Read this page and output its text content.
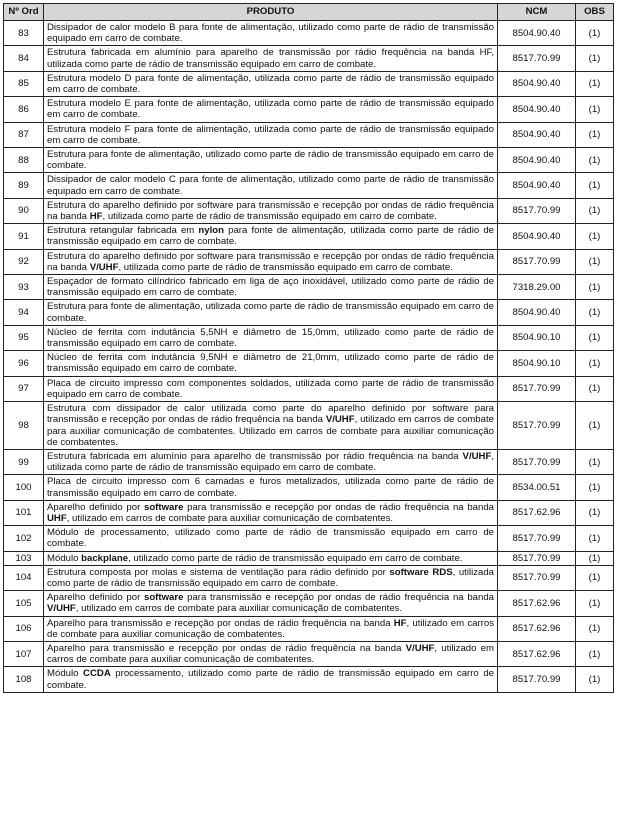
Nº Ord	PRODUTO	NCM	OBS
83	Dissipador de calor modelo B para fonte de alimentação, utilizado como parte de rádio de transmissão equipado em carro de combate.	8504.90.40	(1)
84	Estrutura fabricada em alumínio para aparelho de transmissão por rádio frequência na banda HF, utilizada como parte de rádio de transmissão equipado em carro de combate.	8517.70.99	(1)
85	Estrutura modelo D para fonte de alimentação, utilizada como parte de rádio de transmissão equipado em carro de combate.	8504.90.40	(1)
86	Estrutura modelo E para fonte de alimentação, utilizada como parte de rádio de transmissão equipado em carro de combate.	8504.90.40	(1)
87	Estrutura modelo F para fonte de alimentação, utilizada como parte de rádio de transmissão equipado em carro de combate.	8504.90.40	(1)
88	Estrutura para fonte de alimentação, utilizado como parte de rádio de transmissão equipado em carro de combate.	8504.90.40	(1)
89	Dissipador de calor modelo C para fonte de alimentação, utilizado como parte de rádio de transmissão equipado em carro de combate.	8504.90.40	(1)
90	Estrutura do aparelho definido por software para transmissão e recepção por ondas de rádio frequência na banda HF, utilizada como parte de rádio de transmissão equipado em carro de combate.	8517.70.99	(1)
91	Estrutura retangular fabricada em nylon para fonte de alimentação, utilizada como parte de rádio de transmissão equipado em carro de combate.	8504.90.40	(1)
92	Estrutura do aparelho definido por software para transmissão e recepção por ondas de rádio frequência na banda V/UHF, utilizada como parte de rádio de transmissão equipado em carro de combate.	8517.70.99	(1)
93	Espaçador de formato cilíndrico fabricado em liga de aço inoxidável, utilizado como parte de rádio de transmissão equipado em carro de combate.	7318.29.00	(1)
94	Estrutura para fonte de alimentação, utilizada como parte de rádio de transmissão equipado em carro de combate.	8504.90.40	(1)
95	Núcleo de ferrita com indutância 5,5NH e diâmetro de 15,0mm, utilizado como parte de rádio de transmissão equipado em carro de combate.	8504.90.10	(1)
96	Núcleo de ferrita com indutância 9,5NH e diâmetro de 21,0mm, utilizado como parte de rádio de transmissão equipado em carro de combate.	8504.90.10	(1)
97	Placa de circuito impresso com componentes soldados, utilizada como parte de rádio de transmissão equipado em carro de combate.	8517.70.99	(1)
98	Estrutura com dissipador de calor utilizada como parte do aparelho definido por software para transmissão e recepção por ondas de rádio frequência na banda V/UHF, utilizado em carros de combate para auxiliar comunicação de combatentes. Utilizado em carros de combate para auxiliar comunicação de combatentes.	8517.70.99	(1)
99	Estrutura fabricada em alumínio para aparelho de transmissão por rádio frequência na banda V/UHF, utilizada como parte de rádio de transmissão equipado em carro de combate.	8517.70.99	(1)
100	Placa de circuito impresso com 6 camadas e furos metalizados, utilizada como parte de rádio de transmissão equipado em carro de combate.	8534.00.51	(1)
101	Aparelho definido por software para transmissão e recepção por ondas de rádio frequência na banda UHF, utilizado em carros de combate para auxiliar comunicação de combatentes.	8517.62.96	(1)
102	Módulo de processamento, utilizado como parte de rádio de transmissão equipado em carro de combate.	8517.70.99	(1)
103	Módulo backplane, utilizado como parte de rádio de transmissão equipado em carro de combate.	8517.70.99	(1)
104	Estrutura composta por molas e sistema de ventilação para rádio definido por software RDS, utilizada como parte de rádio de transmissão equipado em carro de combate.	8517.70.99	(1)
105	Aparelho definido por software para transmissão e recepção por ondas de rádio frequência na banda V/UHF, utilizado em carros de combate para auxiliar comunicação de combatentes.	8517.62.96	(1)
106	Aparelho para transmissão e recepção por ondas de rádio frequência na banda HF, utilizado em carros de combate para auxiliar comunicação de combatentes.	8517.62.96	(1)
107	Aparelho para transmissão e recepção por ondas de rádio frequência na banda V/UHF, utilizado em carros de combate para auxiliar comunicação de combatentes.	8517.62.96	(1)
108	Módulo CCDA processamento, utilizado como parte de rádio de transmissão equipado em carro de combate.	8517.70.99	(1)
